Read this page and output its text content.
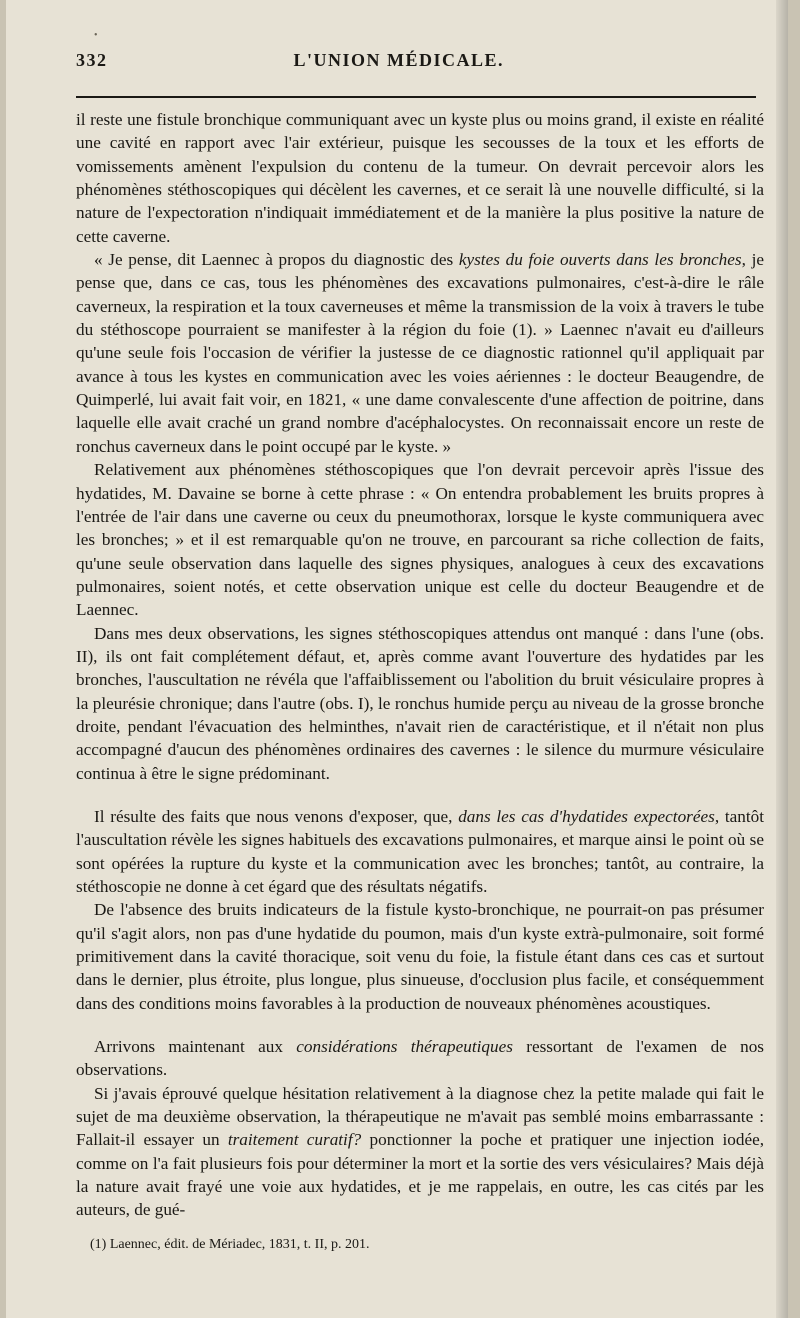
•
332	L'UNION MÉDICALE.

il reste une fistule bronchique communiquant avec un kyste plus ou moins grand, il existe en réalité une cavité en rapport avec l'air extérieur, puisque les secousses de la toux et les efforts de vomissements amènent l'expulsion du contenu de la tumeur. On devrait percevoir alors les phénomènes stéthoscopiques qui décèlent les cavernes, et ce serait là une nouvelle difficulté, si la nature de l'expectoration n'indiquait immédiatement et de la manière la plus positive la nature de cette caverne.

« Je pense, dit Laennec à propos du diagnostic des kystes du foie ouverts dans les bronches, je pense que, dans ce cas, tous les phénomènes des excavations pulmonaires, c'est-à-dire le râle caverneux, la respiration et la toux caverneuses et même la transmission de la voix à travers le tube du stéthoscope pourraient se manifester à la région du foie (1). » Laennec n'avait eu d'ailleurs qu'une seule fois l'occasion de vérifier la justesse de ce diagnostic rationnel qu'il appliquait par avance à tous les kystes en communication avec les voies aériennes : le docteur Beaugendre, de Quimperlé, lui avait fait voir, en 1821, « une dame convalescente d'une affection de poitrine, dans laquelle elle avait craché un grand nombre d'acéphalocystes. On reconnaissait encore un reste de ronchus caverneux dans le point occupé par le kyste. »

Relativement aux phénomènes stéthoscopiques que l'on devrait percevoir après l'issue des hydatides, M. Davaine se borne à cette phrase : « On entendra probablement les bruits propres à l'entrée de l'air dans une caverne ou ceux du pneumothorax, lorsque le kyste communiquera avec les bronches; » et il est remarquable qu'on ne trouve, en parcourant sa riche collection de faits, qu'une seule observation dans laquelle des signes physiques, analogues à ceux des excavations pulmonaires, soient notés, et cette observation unique est celle du docteur Beaugendre et de Laennec.

Dans mes deux observations, les signes stéthoscopiques attendus ont manqué : dans l'une (obs. II), ils ont fait complétement défaut, et, après comme avant l'ouverture des hydatides par les bronches, l'auscultation ne révéla que l'affaiblissement ou l'abolition du bruit vésiculaire propres à la pleurésie chronique; dans l'autre (obs. I), le ronchus humide perçu au niveau de la grosse bronche droite, pendant l'évacuation des helminthes, n'avait rien de caractéristique, et il n'était non plus accompagné d'aucun des phénomènes ordinaires des cavernes : le silence du murmure vésiculaire continua à être le signe prédominant.

Il résulte des faits que nous venons d'exposer, que, dans les cas d'hydatides expectorées, tantôt l'auscultation révèle les signes habituels des excavations pulmonaires, et marque ainsi le point où se sont opérées la rupture du kyste et la communication avec les bronches; tantôt, au contraire, la stéthoscopie ne donne à cet égard que des résultats négatifs.

De l'absence des bruits indicateurs de la fistule kysto-bronchique, ne pourrait-on pas présumer qu'il s'agit alors, non pas d'une hydatide du poumon, mais d'un kyste extrà-pulmonaire, soit formé primitivement dans la cavité thoracique, soit venu du foie, la fistule étant dans ces cas et surtout dans le dernier, plus étroite, plus longue, plus sinueuse, d'occlusion plus facile, et conséquemment dans des conditions moins favorables à la production de nouveaux phénomènes acoustiques.

Arrivons maintenant aux considérations thérapeutiques ressortant de l'examen de nos observations.

Si j'avais éprouvé quelque hésitation relativement à la diagnose chez la petite malade qui fait le sujet de ma deuxième observation, la thérapeutique ne m'avait pas semblé moins embarrassante : Fallait-il essayer un traitement curatif? ponctionner la poche et pratiquer une injection iodée, comme on l'a fait plusieurs fois pour déterminer la mort et la sortie des vers vésiculaires? Mais déjà la nature avait frayé une voie aux hydatides, et je me rappelais, en outre, les cas cités par les auteurs, de gué-

(1) Laennec, édit. de Mériadec, 1831, t. II, p. 201.
